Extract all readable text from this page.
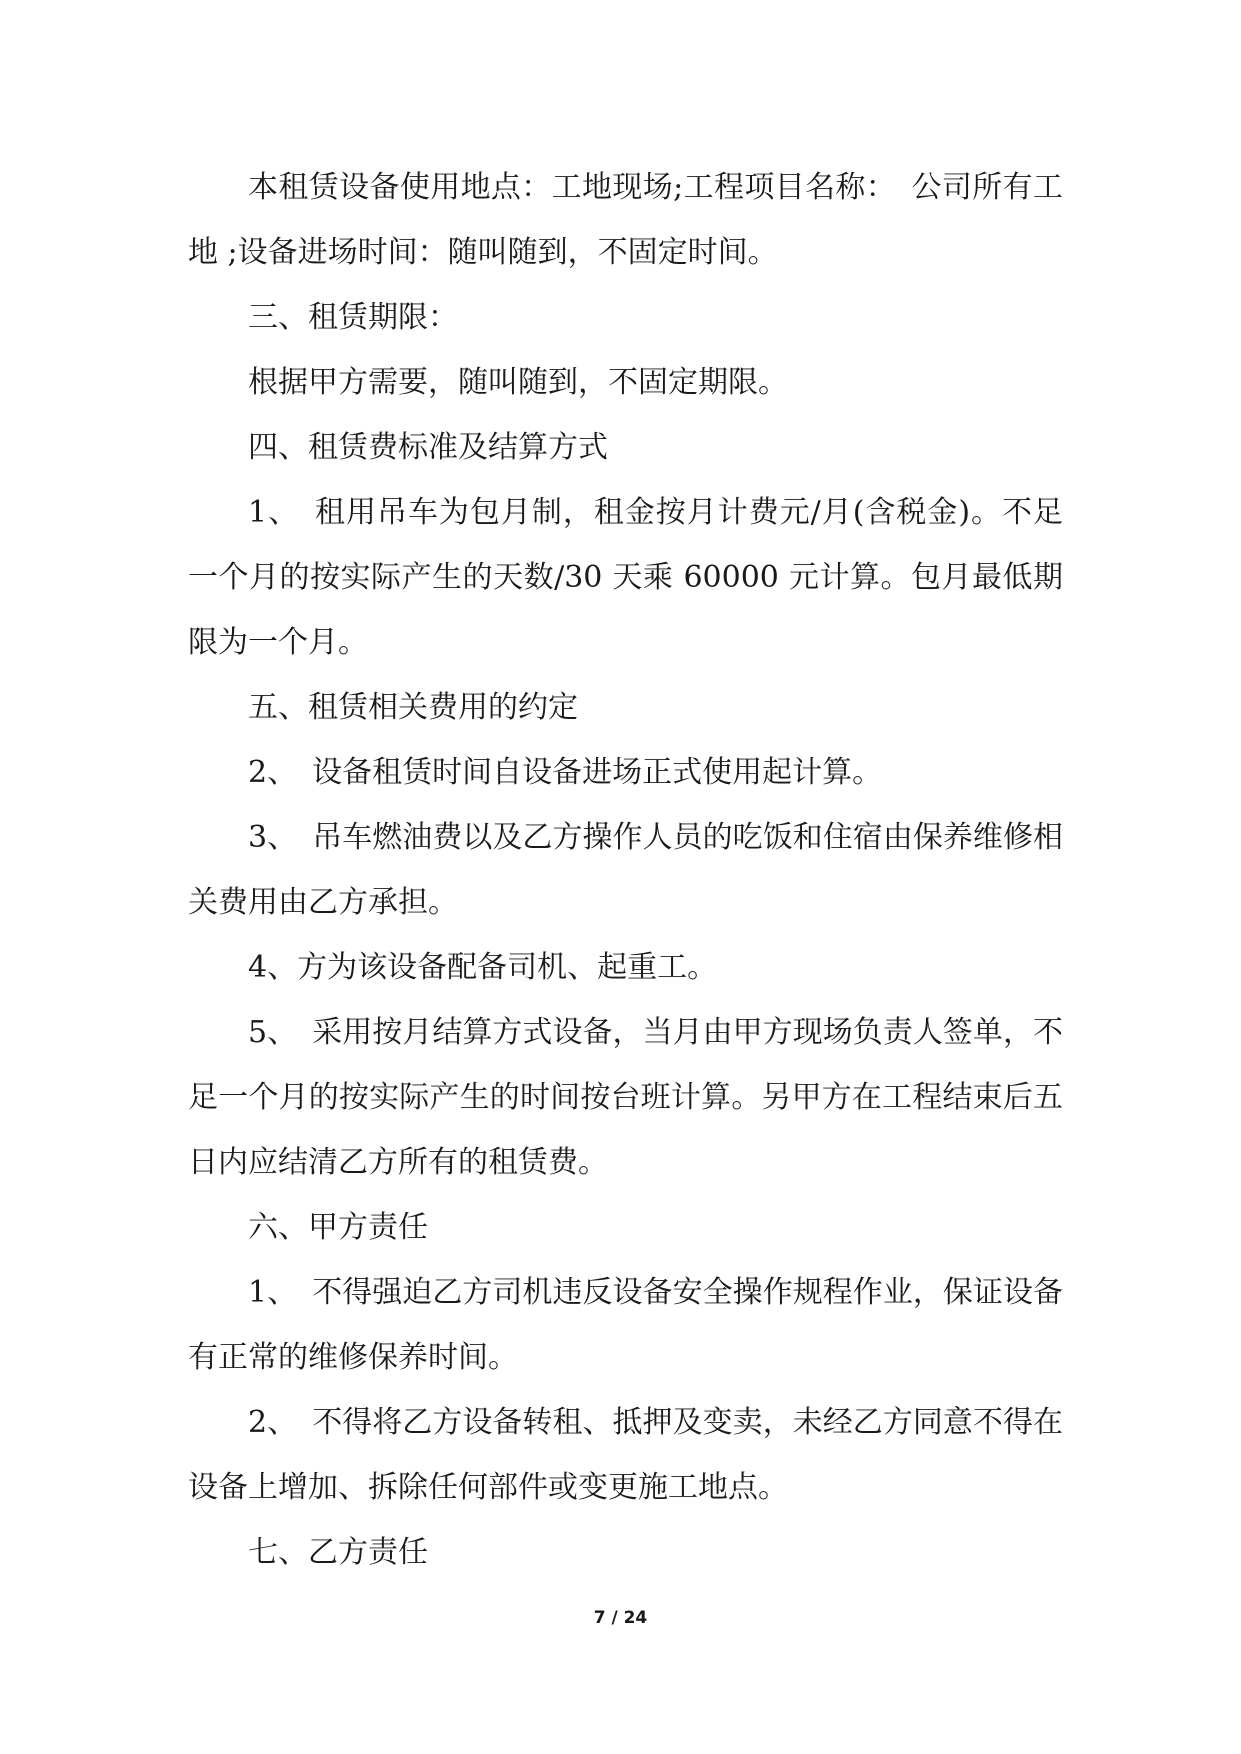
本租赁设备使用地点：工地现场;工程项目名称：　公司所有工地 ;设备进场时间：随叫随到，不固定时间。

三、租赁期限：

根据甲方需要，随叫随到，不固定期限。

四、租赁费标准及结算方式

1、　租用吊车为包月制，租金按月计费元/月(含税金)。不足一个月的按实际产生的天数/30 天乘 60000 元计算。包月最低期限为一个月。

五、租赁相关费用的约定

2、　设备租赁时间自设备进场正式使用起计算。

3、　吊车燃油费以及乙方操作人员的吃饭和住宿由保养维修相关费用由乙方承担。

4、方为该设备配备司机、起重工。

5、　采用按月结算方式设备，当月由甲方现场负责人签单，不足一个月的按实际产生的时间按台班计算。另甲方在工程结束后五日内应结清乙方所有的租赁费。

六、甲方责任

1、　不得强迫乙方司机违反设备安全操作规程作业，保证设备有正常的维修保养时间。

2、　不得将乙方设备转租、抵押及变卖，未经乙方同意不得在设备上增加、拆除任何部件或变更施工地点。

七、乙方责任

7 / 24
